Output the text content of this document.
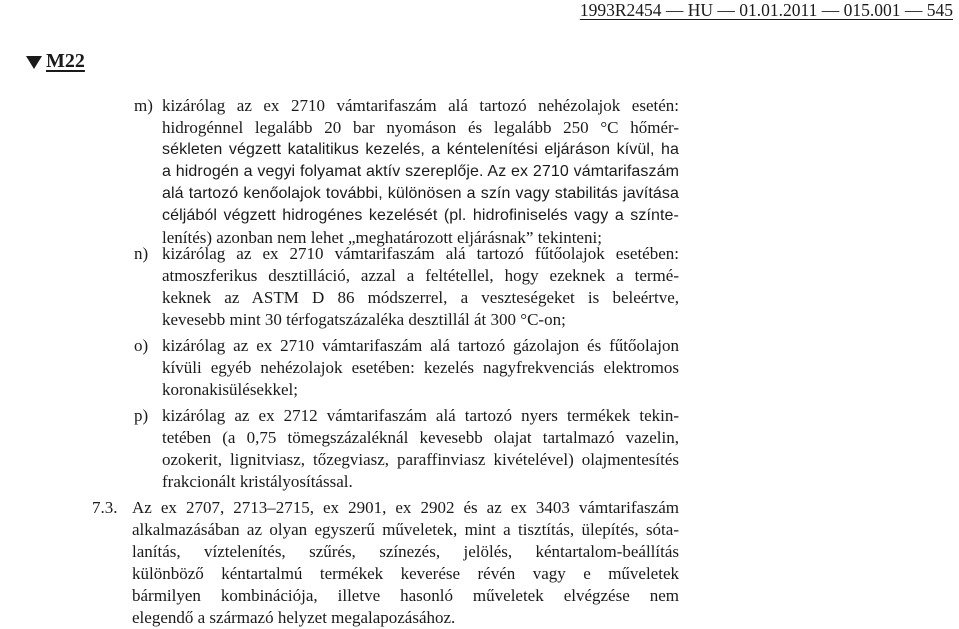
1993R2454 — HU — 01.01.2011 — 015.001 — 545
M22
m) kizárólag az ex 2710 vámtarifaszám alá tartozó nehézolajok esetén:
hidrogénnel legalább 20 bar nyomáson és legalább 250 °C hőmér-
sékleten végzett katalitikus kezelés, a kéntelenítési eljáráson kívül, ha
a hidrogén a vegyi folyamat aktív szereplője. Az ex 2710 vámtarifaszám
alá tartozó kenőolajok további, különösen a szín vagy stabilitás javítása
céljából végzett hidrogénes kezelését (pl. hidrofiniselés vagy a színte-
lenítés) azonban nem lehet „meghatározott eljárásnak” tekinteni;
n) kizárólag az ex 2710 vámtarifaszám alá tartozó fűtőolajok esetében:
atmoszferikus desztilláció, azzal a feltétellel, hogy ezeknek a termé-
keknek az ASTM D 86 módszerrel, a veszteségeket is beleértve,
kevesebb mint 30 térfogatszázaléka desztillál át 300 °C-on;
o) kizárólag az ex 2710 vámtarifaszám alá tartozó gázolajon és fűtőolajon
kívüli egyéb nehézolajok esetében: kezelés nagyfrekvenciás elektromos
koronakisülésekkel;
p) kizárólag az ex 2712 vámtarifaszám alá tartozó nyers termékek tekin-
tetében (a 0,75 tömegszázaléknál kevesebb olajat tartalmazó vazelin,
ozokerit, lignitviasz, tőzegviasz, paraffinviasz kivételével) olajmentesítés
frakcionált kristályosítással.
7.3. Az ex 2707, 2713–2715, ex 2901, ex 2902 és az ex 3403 vámtarifaszám
alkalmazásában az olyan egyszerű műveletek, mint a tisztítás, ülepítés, sóta-
lanítás, víztelenítés, szűrés, színezés, jelölés, kéntartalom-beállítás
különböző kéntartalmú termékek keverése révén vagy e műveletek
bármilyen kombinációja, illetve hasonló műveletek elvégzése nem
elegendő a származó helyzet megalapozásához.
